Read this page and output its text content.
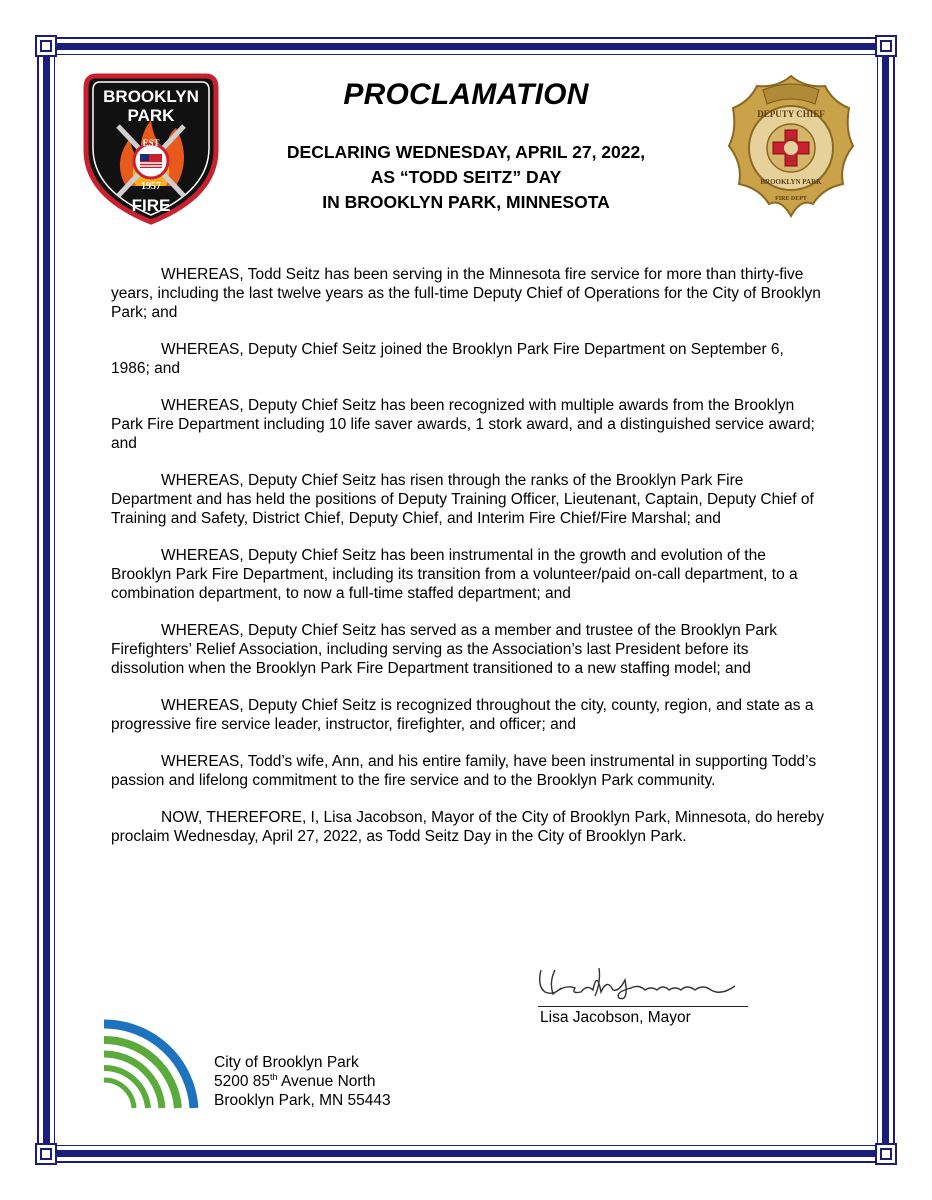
EST
1957
BROOKLYN
PARK
FIRE
DEPUTY CHIEF
EST
1957
BROOKLYN PARK
FIRE DEPT
PROCLAMATION
DECLARING WEDNESDAY, APRIL 27, 2022,
AS “TODD SEITZ” DAY
IN BROOKLYN PARK, MINNESOTA

WHEREAS, Todd Seitz has been serving in the Minnesota fire service for more than thirty-five years, including the last twelve years as the full-time Deputy Chief of Operations for the City of Brooklyn Park; and

WHEREAS, Deputy Chief Seitz joined the Brooklyn Park Fire Department on September 6, 1986; and

WHEREAS, Deputy Chief Seitz has been recognized with multiple awards from the Brooklyn Park Fire Department including 10 life saver awards, 1 stork award, and a distinguished service award; and

WHEREAS, Deputy Chief Seitz has risen through the ranks of the Brooklyn Park Fire Department and has held the positions of Deputy Training Officer, Lieutenant, Captain, Deputy Chief of Training and Safety, District Chief, Deputy Chief, and Interim Fire Chief/Fire Marshal; and

WHEREAS, Deputy Chief Seitz has been instrumental in the growth and evolution of the Brooklyn Park Fire Department, including its transition from a volunteer/paid on-call department, to a combination department, to now a full-time staffed department; and

WHEREAS, Deputy Chief Seitz has served as a member and trustee of the Brooklyn Park Firefighters’ Relief Association, including serving as the Association’s last President before its dissolution when the Brooklyn Park Fire Department transitioned to a new staffing model; and

WHEREAS, Deputy Chief Seitz is recognized throughout the city, county, region, and state as a progressive fire service leader, instructor, firefighter, and officer; and

WHEREAS, Todd’s wife, Ann, and his entire family, have been instrumental in supporting Todd’s passion and lifelong commitment to the fire service and to the Brooklyn Park community.

NOW, THEREFORE, I, Lisa Jacobson, Mayor of the City of Brooklyn Park, Minnesota, do hereby proclaim Wednesday, April 27, 2022, as Todd Seitz Day in the City of Brooklyn Park.

Lisa Jacobson, Mayor
City of Brooklyn Park
5200 85th Avenue North
Brooklyn Park, MN 55443
